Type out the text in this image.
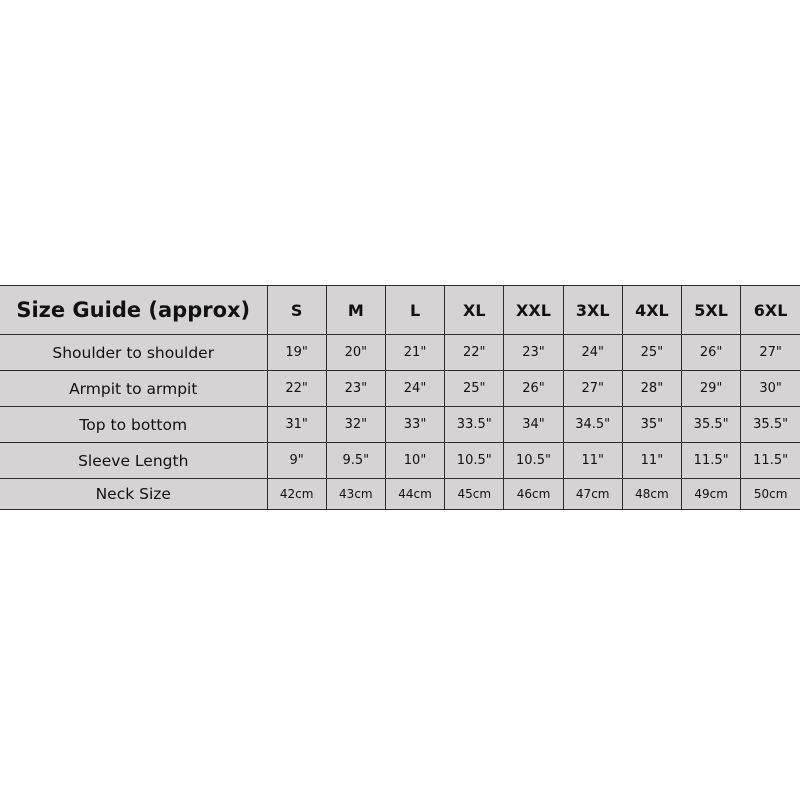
Size Guide (approx)	S	M	L	XL	XXL	3XL	4XL	5XL	6XL
Shoulder to shoulder	19"	20"	21"	22"	23"	24"	25"	26"	27"
Armpit to armpit	22"	23"	24"	25"	26"	27"	28"	29"	30"
Top to bottom	31"	32"	33"	33.5"	34"	34.5"	35"	35.5"	35.5"
Sleeve Length	9"	9.5"	10"	10.5"	10.5"	11"	11"	11.5"	11.5"
Neck Size	42cm	43cm	44cm	45cm	46cm	47cm	48cm	49cm	50cm
